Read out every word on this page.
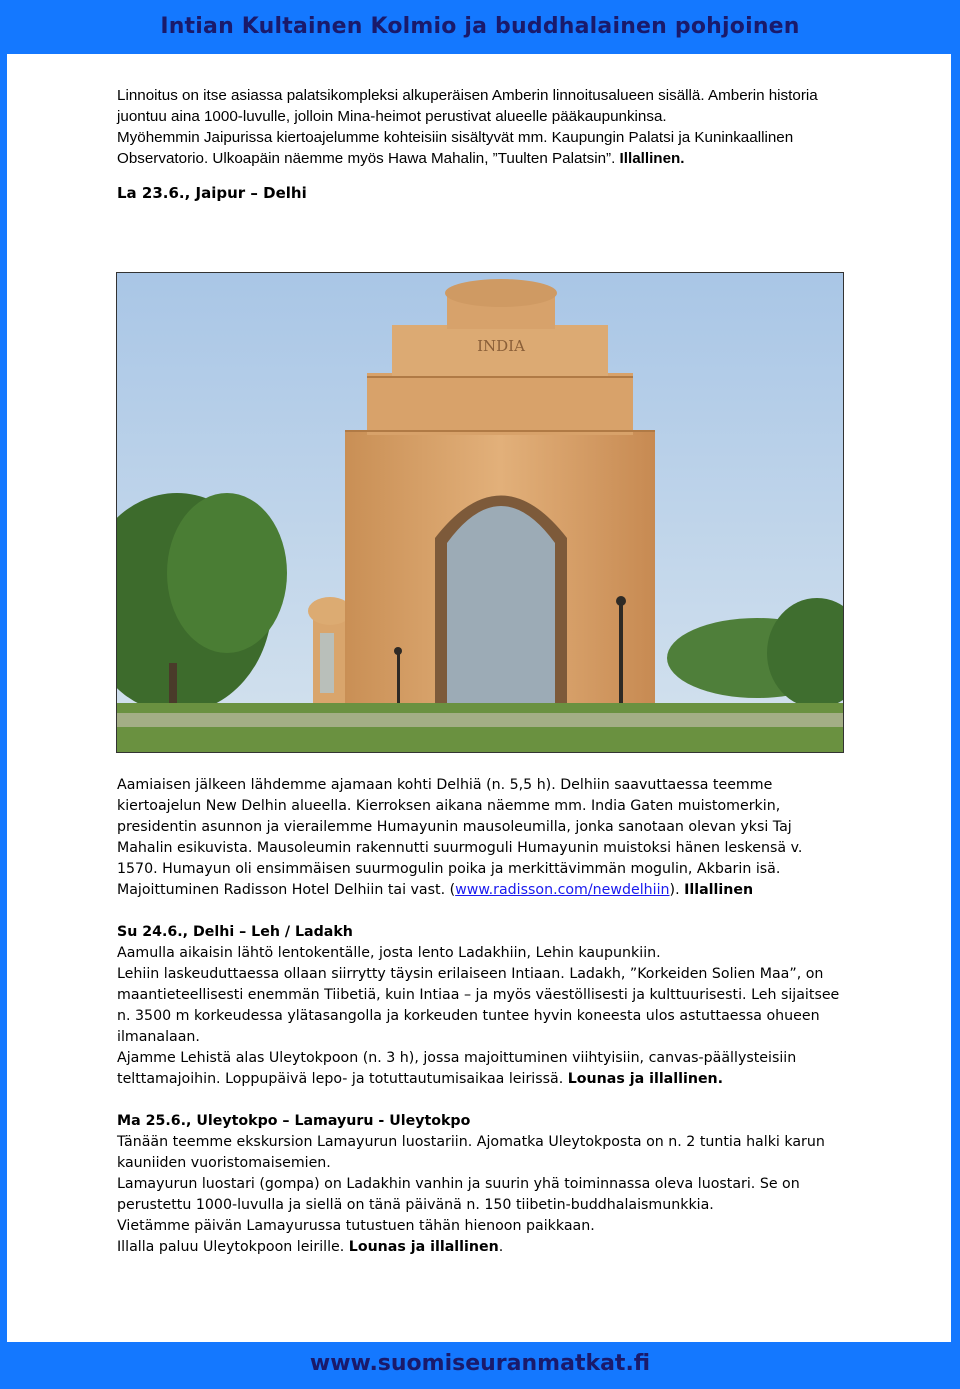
Intian Kultainen Kolmio ja buddhalainen pohjoinen
www.suomiseuranmatkat.fi

Linnoitus on itse asiassa palatsikompleksi alkuperäisen Amberin linnoitusalueen sisällä. Amberin historia juontuu aina 1000-luvulle, jolloin Mina-heimot perustivat alueelle pääkaupunkinsa.

Myöhemmin Jaipurissa kiertoajelumme kohteisiin sisältyvät mm. Kaupungin Palatsi ja Kuninkaallinen Observatorio. Ulkoapäin näemme myös Hawa Mahalin, ”Tuulten Palatsin”. Illallinen.

La 23.6., Jaipur – Delhi

INDIA

Aamiaisen jälkeen lähdemme ajamaan kohti Delhiä (n. 5,5 h). Delhiin saavuttaessa teemme kiertoajelun New Delhin alueella. Kierroksen aikana näemme mm. India Gaten muistomerkin, presidentin asunnon ja vierailemme Humayunin mausoleumilla, jonka sanotaan olevan yksi Taj Mahalin esikuvista. Mausoleumin rakennutti suurmoguli Humayunin muistoksi hänen leskensä v. 1570. Humayun oli ensimmäisen suurmogulin poika ja merkittävimmän mogulin, Akbarin isä.

Majoittuminen Radisson Hotel Delhiin tai vast. (www.radisson.com/newdelhiin). Illallinen

Su 24.6., Delhi – Leh / Ladakh

Aamulla aikaisin lähtö lentokentälle, josta lento Ladakhiin, Lehin kaupunkiin.

Lehiin laskeuduttaessa ollaan siirrytty täysin erilaiseen Intiaan. Ladakh, ”Korkeiden Solien Maa”, on maantieteellisesti enemmän Tiibetiä, kuin Intiaa – ja myös väestöllisesti ja kulttuurisesti. Leh sijaitsee n. 3500 m korkeudessa ylätasangolla ja korkeuden tuntee hyvin koneesta ulos astuttaessa ohueen ilmanalaan.

Ajamme Lehistä alas Uleytokpoon (n. 3 h), jossa majoittuminen viihtyisiin, canvas-päällysteisiin telttamajoihin. Loppupäivä lepo- ja totuttautumisaikaa leirissä. Lounas ja illallinen.

Ma 25.6., Uleytokpo – Lamayuru - Uleytokpo

Tänään teemme ekskursion Lamayurun luostariin. Ajomatka Uleytokposta on n. 2 tuntia halki karun kauniiden vuoristomaisemien.

Lamayurun luostari (gompa) on Ladakhin vanhin ja suurin yhä toiminnassa oleva luostari. Se on perustettu 1000-luvulla ja siellä on tänä päivänä n. 150 tiibetin-buddhalaismunkkia.

Vietämme päivän Lamayurussa tutustuen tähän hienoon paikkaan.

Illalla paluu Uleytokpoon leirille. Lounas ja illallinen.
